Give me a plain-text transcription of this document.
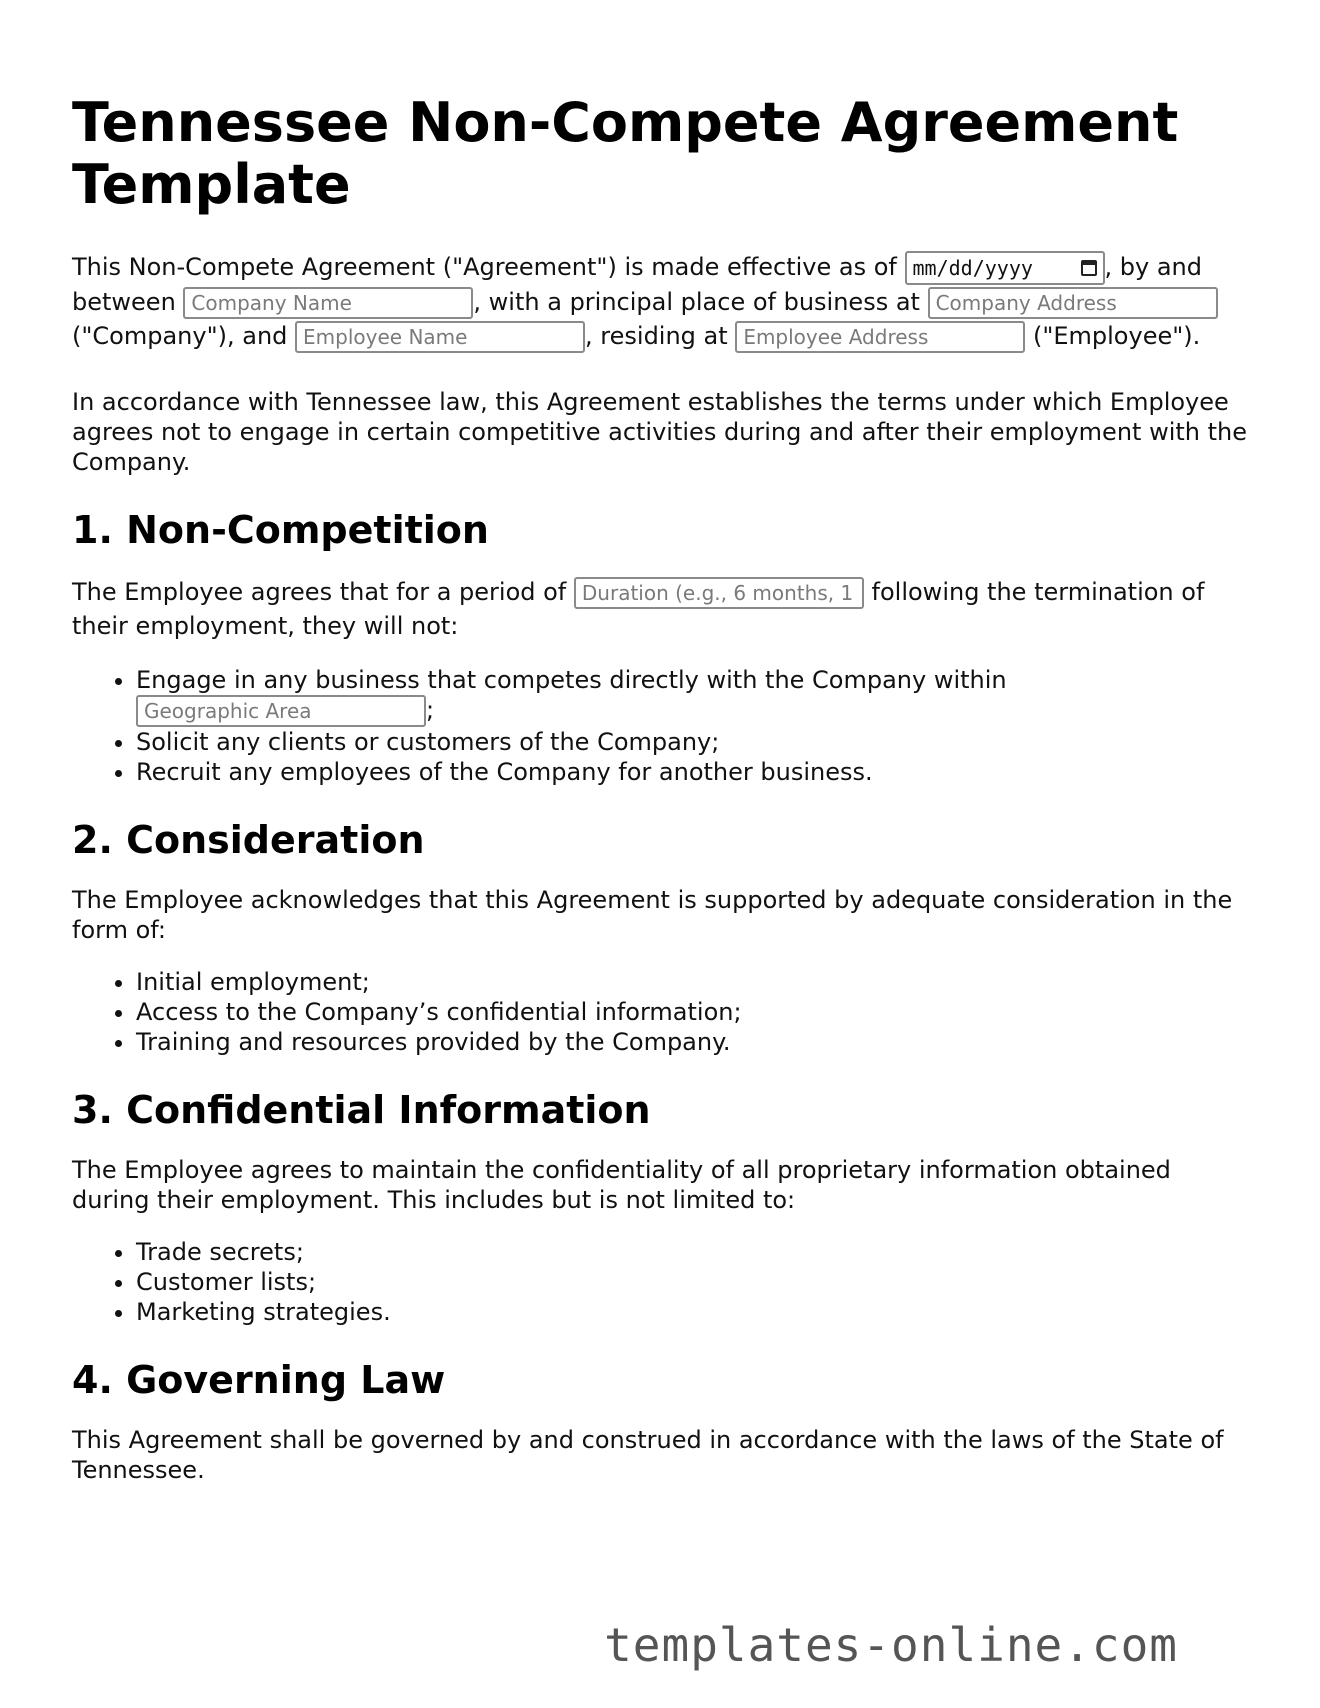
Tennessee Non-Compete Agreement Template

This Non-Compete Agreement ("Agreement") is made effective as of mm/dd/yyyy	, by and between Company Name	, with a principal place of business at Company Address ("Company"), and Employee Name	, residing at Employee Address	("Employee").

In accordance with Tennessee law, this Agreement establishes the terms under which Employee agrees not to engage in certain competitive activities during and after their employment with the Company.

1. Non-Competition

The Employee agrees that for a period of Duration (e.g., 6 months, 1 year)	following the termination of their employment, they will not:

• Engage in any business that competes directly with the Company within Geographic Area;
• Solicit any clients or customers of the Company;
• Recruit any employees of the Company for another business.
2. Consideration

The Employee acknowledges that this Agreement is supported by adequate consideration in the form of:

• Initial employment;
• Access to the Company’s confidential information;
• Training and resources provided by the Company.
3. Confidential Information

The Employee agrees to maintain the confidentiality of all proprietary information obtained during their employment. This includes but is not limited to:

• Trade secrets;
• Customer lists;
• Marketing strategies.
4. Governing Law

This Agreement shall be governed by and construed in accordance with the laws of the State of Tennessee.

templates-online.com
